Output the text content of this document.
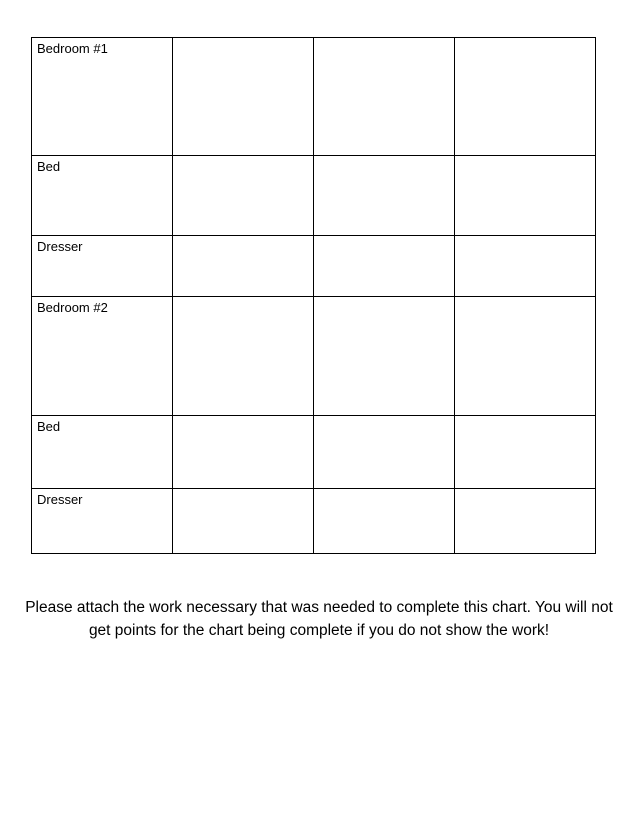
Bedroom #1			
Bed			
Dresser			
Bedroom #2			
Bed			
Dresser			

Please attach the work necessary that was needed to complete this chart. You will not get points for the chart being complete if you do not show the work!
